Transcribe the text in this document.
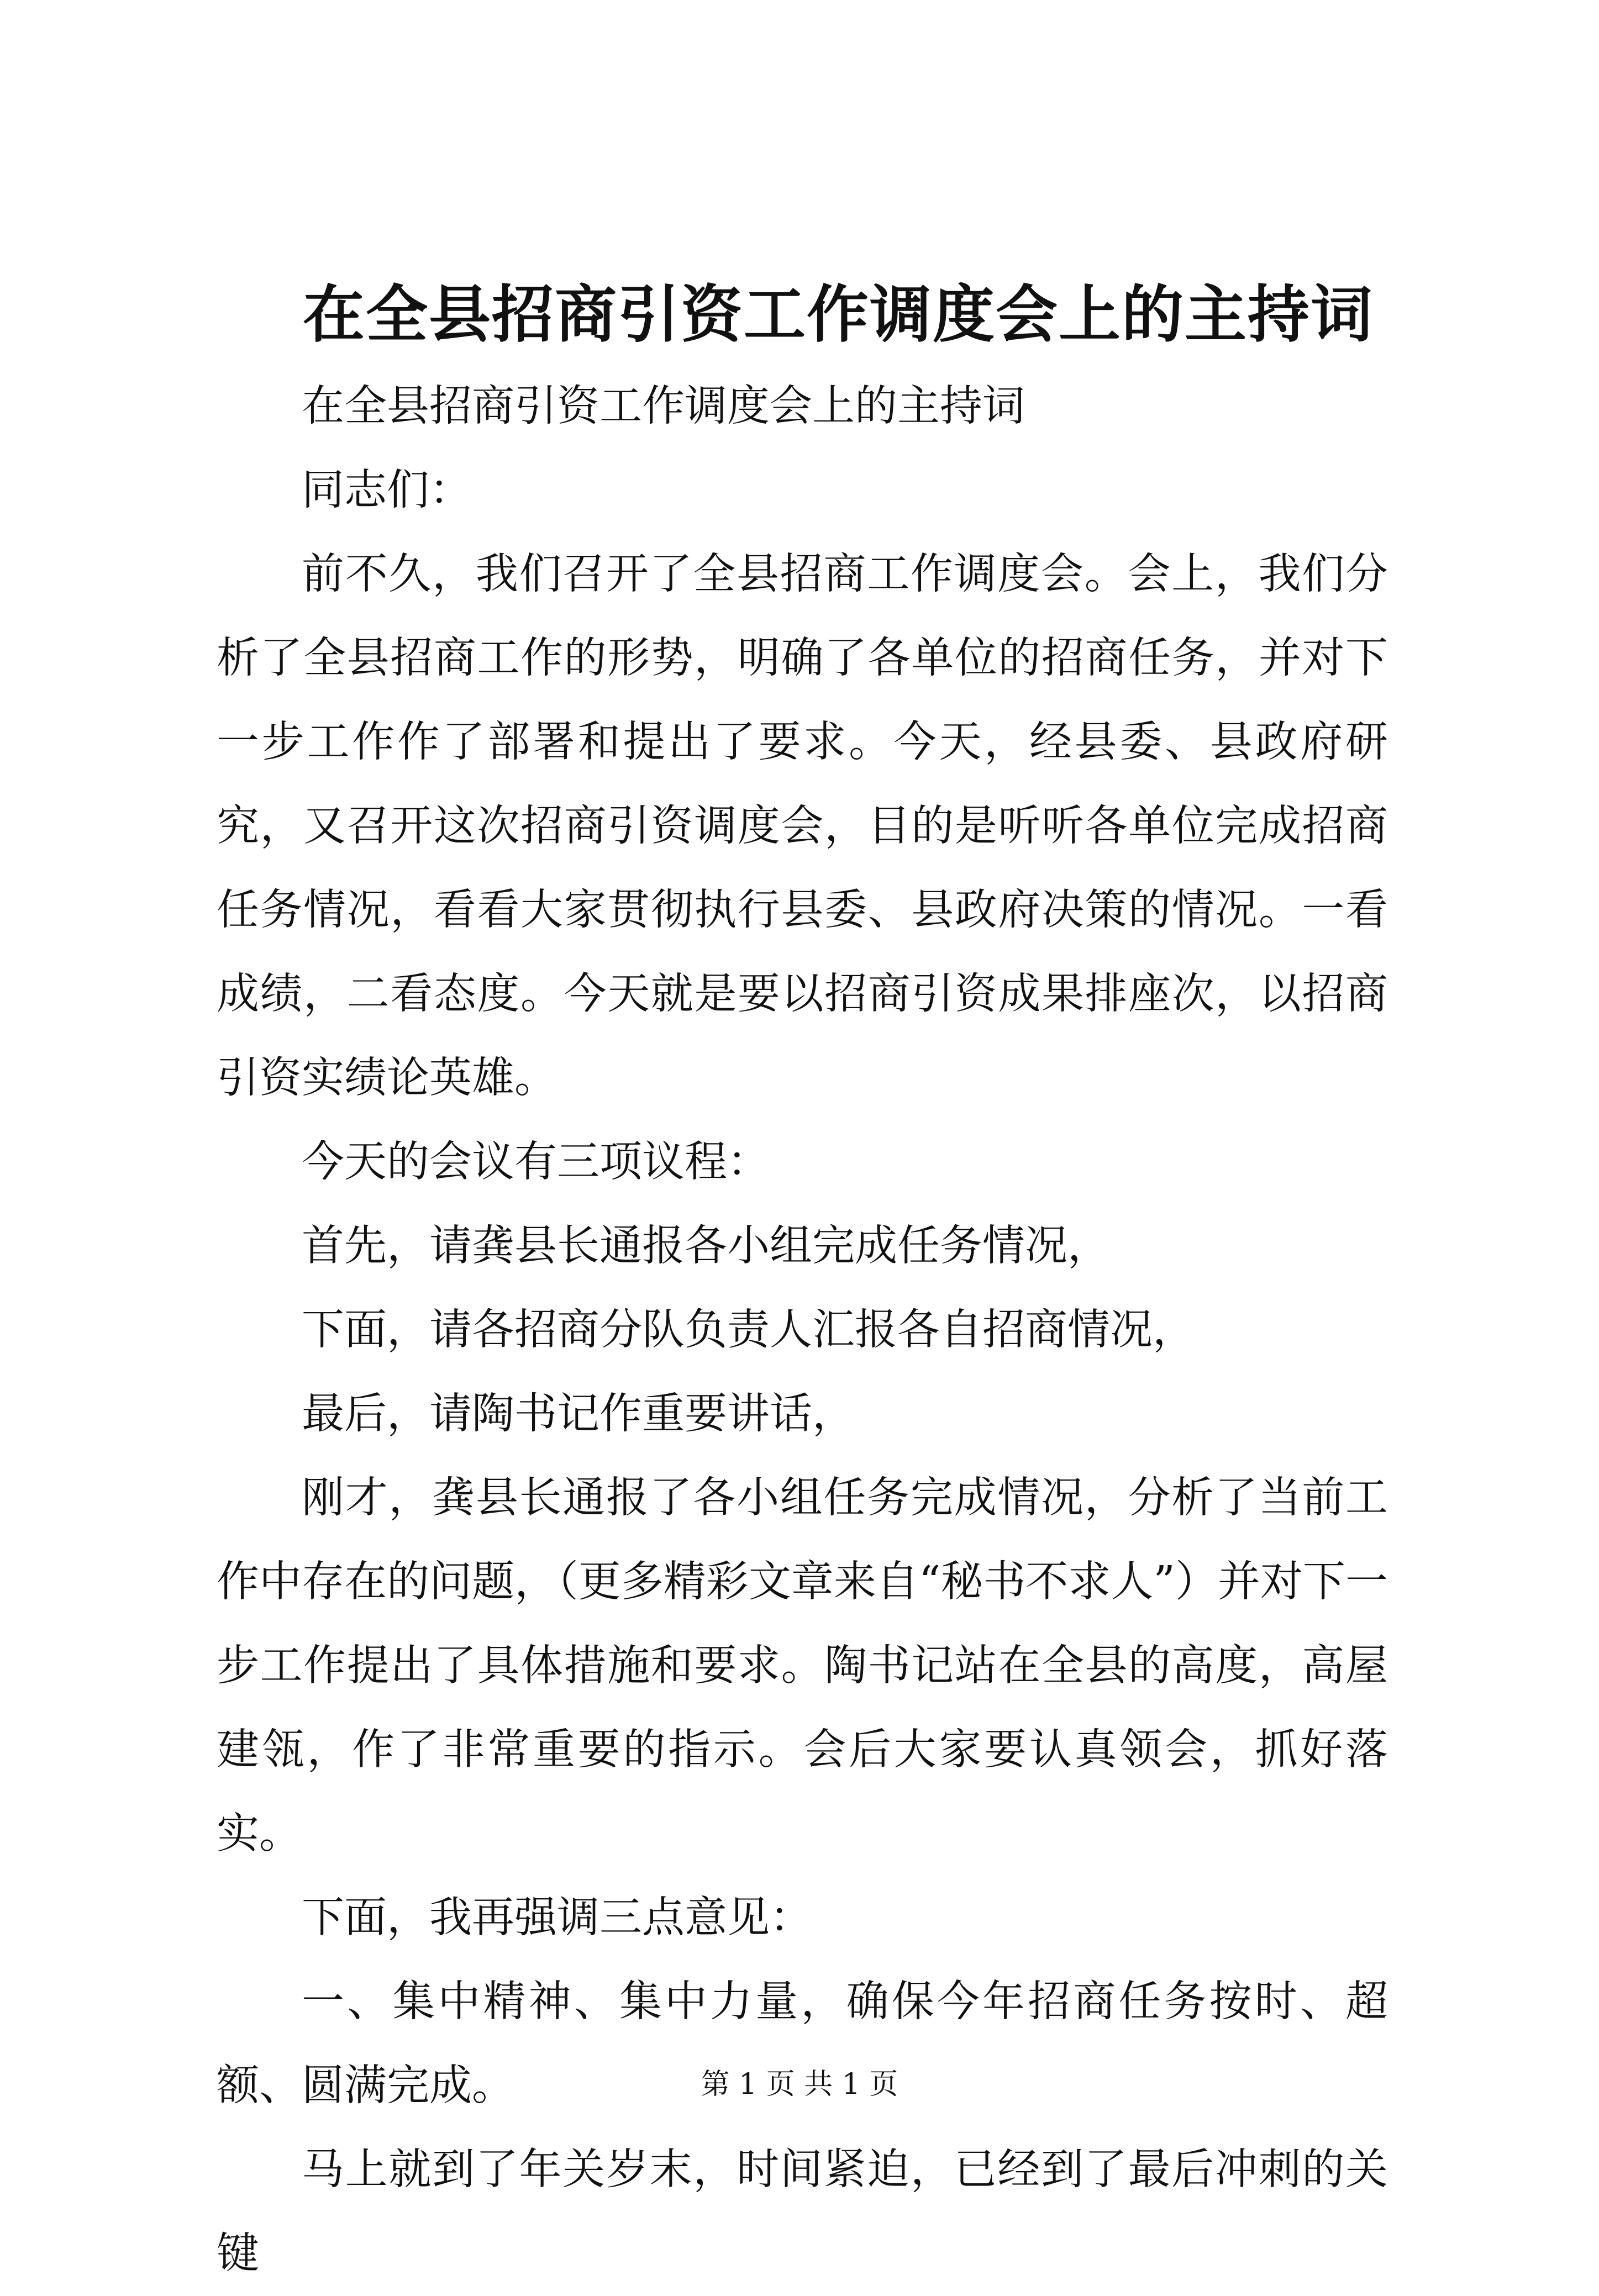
在全县招商引资工作调度会上的主持词

在全县招商引资工作调度会上的主持词

同志们：

前不久，我们召开了全县招商工作调度会。会上，我们分析了全县招商工作的形势，明确了各单位的招商任务，并对下一步工作作了部署和提出了要求。今天，经县委、县政府研究，又召开这次招商引资调度会，目的是听听各单位完成招商任务情况，看看大家贯彻执行县委、县政府决策的情况。一看成绩，二看态度。今天就是要以招商引资成果排座次，以招商引资实绩论英雄。

今天的会议有三项议程：

首先，请龚县长通报各小组完成任务情况，

下面，请各招商分队负责人汇报各自招商情况，

最后，请陶书记作重要讲话，

刚才，龚县长通报了各小组任务完成情况，分析了当前工作中存在的问题，（更多精彩文章来自“秘书不求人”）并对下一步工作提出了具体措施和要求。陶书记站在全县的高度，高屋建瓴，作了非常重要的指示。会后大家要认真领会，抓好落实。

下面，我再强调三点意见：

一、集中精神、集中力量，确保今年招商任务按时、超额、圆满完成。

马上就到了年关岁末，时间紧迫，已经到了最后冲刺的关键

第 1 页 共 1 页
